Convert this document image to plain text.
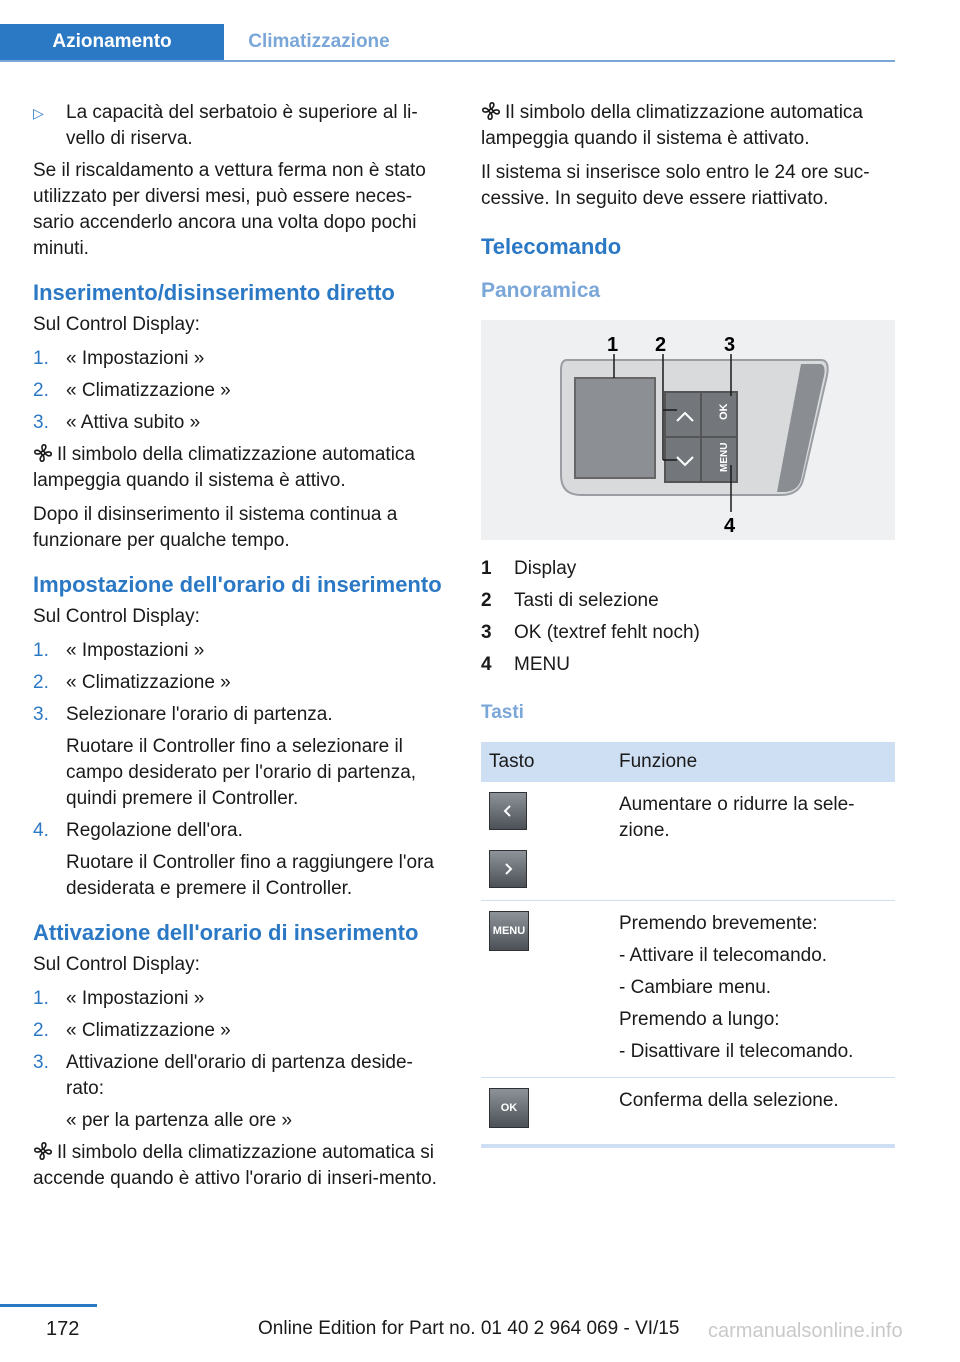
Azionamento	Climatizzazione
▷	La capacità del serbatoio è superiore al li-vello di riserva.

Se il riscaldamento a vettura ferma non è stato utilizzato per diversi mesi, può essere neces-sario accenderlo ancora una volta dopo pochi minuti.

Inserimento/disinserimento diretto

Sul Control Display:

1. « Impostazioni »
2. « Climatizzazione »
3. « Attiva subito »

Il simbolo della climatizzazione automatica lampeggia quando il sistema è attivo.

Dopo il disinserimento il sistema continua a funzionare per qualche tempo.

Impostazione dell'orario di inserimento

Sul Control Display:

1. « Impostazioni »
2. « Climatizzazione »
3. Selezionare l'orario di partenza.
Ruotare il Controller fino a selezionare il campo desiderato per l'orario di partenza, quindi premere il Controller.
4. Regolazione dell'ora.
Ruotare il Controller fino a raggiungere l'ora desiderata e premere il Controller.
Attivazione dell'orario di inserimento

Sul Control Display:

1. « Impostazioni »
2. « Climatizzazione »
3. Attivazione dell'orario di partenza deside-rato:
« per la partenza alle ore »

Il simbolo della climatizzazione automatica si accende quando è attivo l'orario di inseri-mento.

Il simbolo della climatizzazione automatica lampeggia quando il sistema è attivato.

Il sistema si inserisce solo entro le 24 ore suc-cessive. In seguito deve essere riattivato.

Telecomando
Panoramica
OK
MENU
1 2	3
4
1	Display
2	Tasti di selezione
3	OK (textref fehlt noch)
4	MENU
Tasti
Tasto	Funzione

	Aumentare o ridurre la sele-zione.

MENU	Premendo brevemente:
- Attivare il telecomando.
- Cambiare menu.
Premendo a lungo:
- Disattivare il telecomando.

OK	Conferma della selezione.
172	Online Edition for Part no. 01 40 2 964 069 - VI/15 carmanualsonline.info
